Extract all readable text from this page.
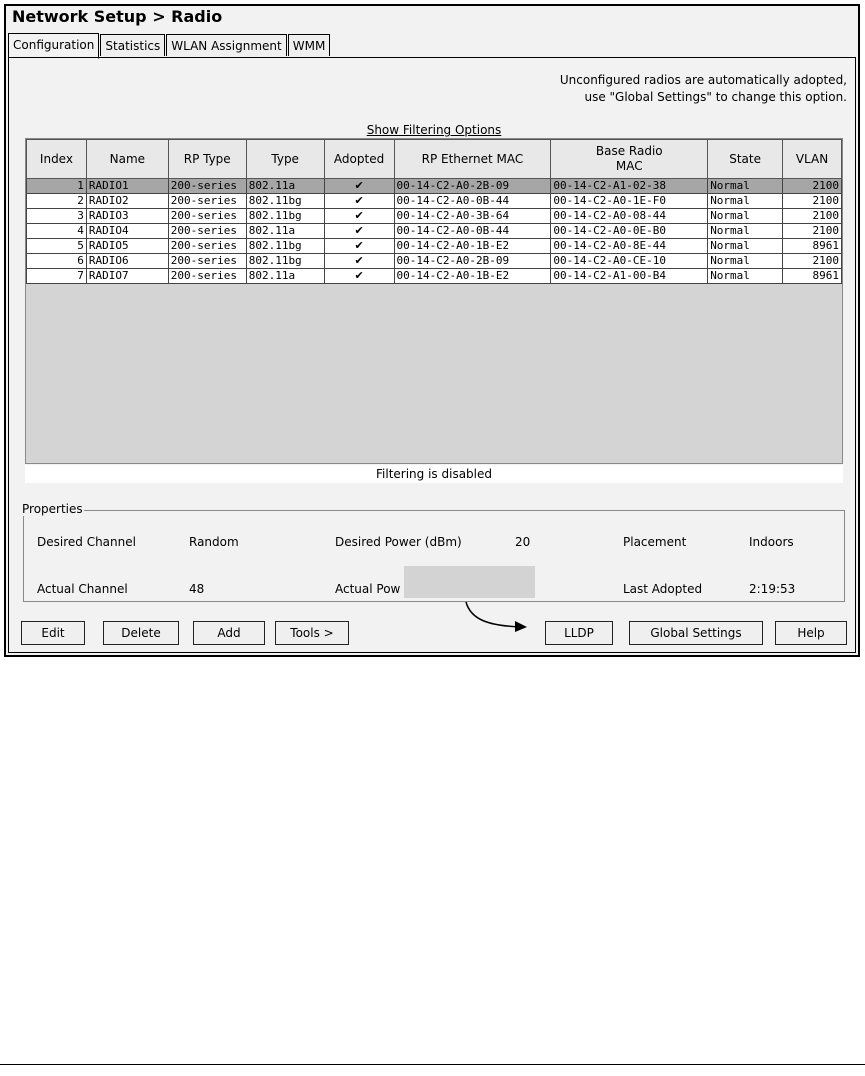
Network Setup > Radio
Configuration Statistics WLAN Assignment WMM
Unconfigured radios are automatically adopted,
use "Global Settings" to change this option.
Show Filtering Options
Index	Name	RP Type	Type	Adopted	RP Ethernet MAC	Base Radio MAC	State	VLAN
1	RADIO1	200-series	802.11a	✔	00-14-C2-A0-2B-09	00-14-C2-A1-02-38	Normal	2100
2	RADIO2	200-series	802.11bg	✔	00-14-C2-A0-0B-44	00-14-C2-A0-1E-F0	Normal	2100
3	RADIO3	200-series	802.11bg	✔	00-14-C2-A0-3B-64	00-14-C2-A0-08-44	Normal	2100
4	RADIO4	200-series	802.11a	✔	00-14-C2-A0-0B-44	00-14-C2-A0-0E-B0	Normal	2100
5	RADIO5	200-series	802.11bg	✔	00-14-C2-A0-1B-E2	00-14-C2-A0-8E-44	Normal	8961
6	RADIO6	200-series	802.11bg	✔	00-14-C2-A0-2B-09	00-14-C2-A0-CE-10	Normal	2100
7	RADIO7	200-series	802.11a	✔	00-14-C2-A0-1B-E2	00-14-C2-A1-00-B4	Normal	8961
Filtering is disabled
Properties
Desired Channel	Random	Desired Power (dBm)	20	Placement	Indoors
Actual Channel	48	Actual Pow	Last Adopted	2:19:53
Edit	Delete	Add	Tools >	LLDP	Global Settings	Help
